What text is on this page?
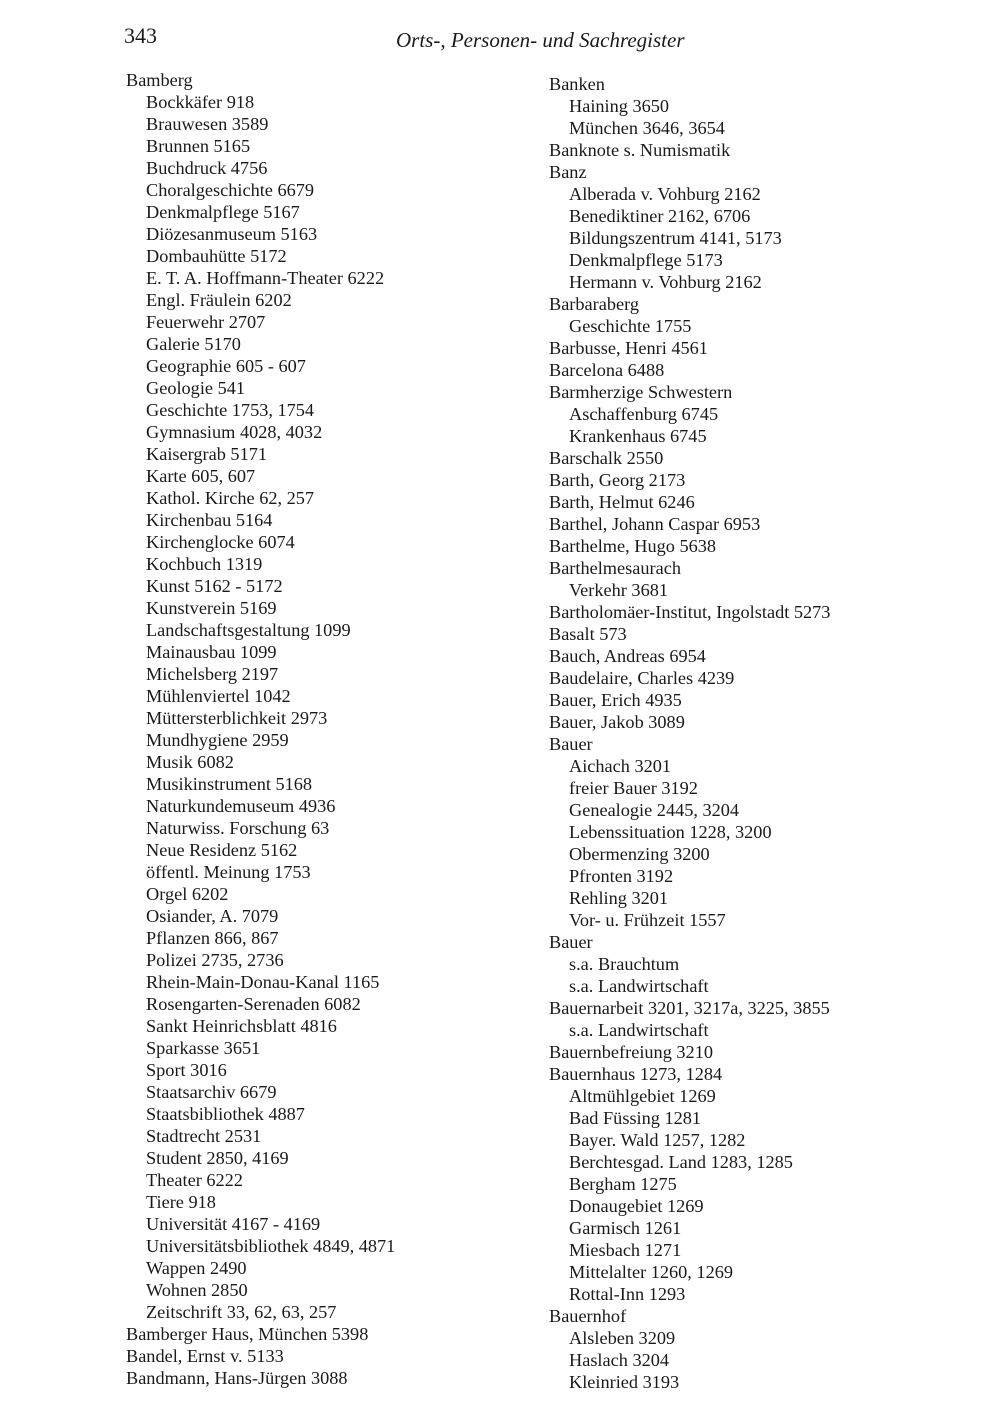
343	Orts-, Personen- und Sachregister
Bamberg
Bockkäfer 918
Brauwesen 3589
Brunnen 5165
Buchdruck 4756
Choralgeschichte 6679
Denkmalpflege 5167
Diözesanmuseum 5163
Dombauhütte 5172
E. T. A. Hoffmann-Theater 6222
Engl. Fräulein 6202
Feuerwehr 2707
Galerie 5170
Geographie 605 - 607
Geologie 541
Geschichte 1753, 1754
Gymnasium 4028, 4032
Kaisergrab 5171
Karte 605, 607
Kathol. Kirche 62, 257
Kirchenbau 5164
Kirchenglocke 6074
Kochbuch 1319
Kunst 5162 - 5172
Kunstverein 5169
Landschaftsgestaltung 1099
Mainausbau 1099
Michelsberg 2197
Mühlenviertel 1042
Müttersterblichkeit 2973
Mundhygiene 2959
Musik 6082
Musikinstrument 5168
Naturkundemuseum 4936
Naturwiss. Forschung 63
Neue Residenz 5162
öffentl. Meinung 1753
Orgel 6202
Osiander, A. 7079
Pflanzen 866, 867
Polizei 2735, 2736
Rhein-Main-Donau-Kanal 1165
Rosengarten-Serenaden 6082
Sankt Heinrichsblatt 4816
Sparkasse 3651
Sport 3016
Staatsarchiv 6679
Staatsbibliothek 4887
Stadtrecht 2531
Student 2850, 4169
Theater 6222
Tiere 918
Universität 4167 - 4169
Universitätsbibliothek 4849, 4871
Wappen 2490
Wohnen 2850
Zeitschrift 33, 62, 63, 257
Bamberger Haus, München 5398
Bandel, Ernst v. 5133
Bandmann, Hans-Jürgen 3088
Banken
Haining 3650
München 3646, 3654
Banknote s. Numismatik
Banz
Alberada v. Vohburg 2162
Benediktiner 2162, 6706
Bildungszentrum 4141, 5173
Denkmalpflege 5173
Hermann v. Vohburg 2162
Barbaraberg
Geschichte 1755
Barbusse, Henri 4561
Barcelona 6488
Barmherzige Schwestern
Aschaffenburg 6745
Krankenhaus 6745
Barschalk 2550
Barth, Georg 2173
Barth, Helmut 6246
Barthel, Johann Caspar 6953
Barthelme, Hugo 5638
Barthelmesaurach
Verkehr 3681
Bartholomäer-Institut, Ingolstadt 5273
Basalt 573
Bauch, Andreas 6954
Baudelaire, Charles 4239
Bauer, Erich 4935
Bauer, Jakob 3089
Bauer
Aichach 3201
freier Bauer 3192
Genealogie 2445, 3204
Lebenssituation 1228, 3200
Obermenzing 3200
Pfronten 3192
Rehling 3201
Vor- u. Frühzeit 1557
Bauer
s.a. Brauchtum
s.a. Landwirtschaft
Bauernarbeit 3201, 3217a, 3225, 3855
s.a. Landwirtschaft
Bauernbefreiung 3210
Bauernhaus 1273, 1284
Altmühlgebiet 1269
Bad Füssing 1281
Bayer. Wald 1257, 1282
Berchtesgad. Land 1283, 1285
Bergham 1275
Donaugebiet 1269
Garmisch 1261
Miesbach 1271
Mittelalter 1260, 1269
Rottal-Inn 1293
Bauernhof
Alsleben 3209
Haslach 3204
Kleinried 3193
